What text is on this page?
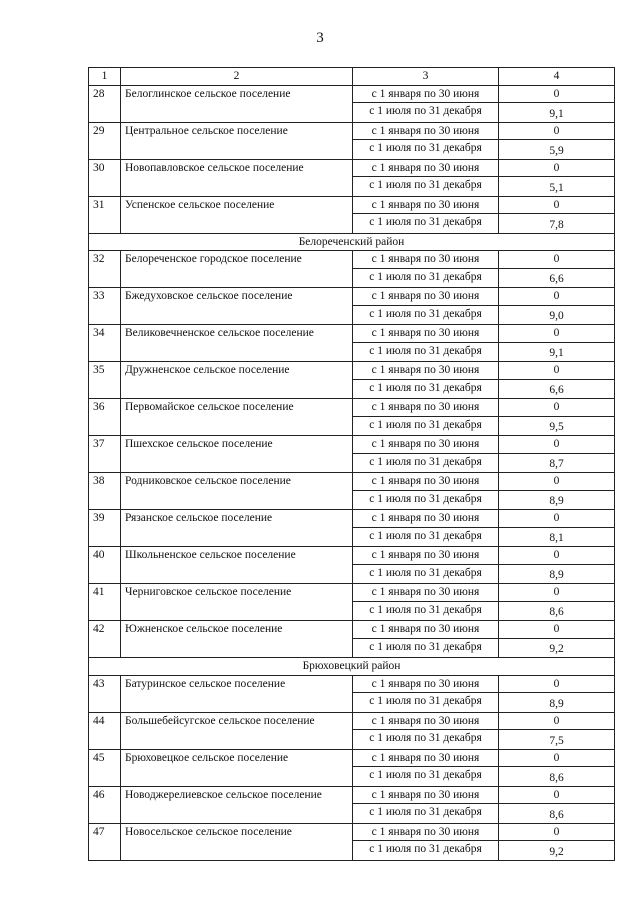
3
1	2	3	4
28	Белоглинское сельское поселение	с 1 января по 30 июня	0
		с 1 июля по 31 декабря	9,1
29	Центральное сельское поселение	с 1 января по 30 июня	0
		с 1 июля по 31 декабря	5,9
30	Новопавловское сельское поселение	с 1 января по 30 июня	0
		с 1 июля по 31 декабря	5,1
31	Успенское сельское поселение	с 1 января по 30 июня	0
		с 1 июля по 31 декабря	7,8
Белореченский район			
32	Белореченское городское поселение	с 1 января по 30 июня	0
		с 1 июля по 31 декабря	6,6
33	Бжедуховское сельское поселение	с 1 января по 30 июня	0
		с 1 июля по 31 декабря	9,0
34	Великовечненское сельское поселение	с 1 января по 30 июня	0
		с 1 июля по 31 декабря	9,1
35	Дружненское сельское поселение	с 1 января по 30 июня	0
		с 1 июля по 31 декабря	6,6
36	Первомайское сельское поселение	с 1 января по 30 июня	0
		с 1 июля по 31 декабря	9,5
37	Пшехское сельское поселение	с 1 января по 30 июня	0
		с 1 июля по 31 декабря	8,7
38	Родниковское сельское поселение	с 1 января по 30 июня	0
		с 1 июля по 31 декабря	8,9
39	Рязанское сельское поселение	с 1 января по 30 июня	0
		с 1 июля по 31 декабря	8,1
40	Школьненское сельское поселение	с 1 января по 30 июня	0
		с 1 июля по 31 декабря	8,9
41	Черниговское сельское поселение	с 1 января по 30 июня	0
		с 1 июля по 31 декабря	8,6
42	Южненское сельское поселение	с 1 января по 30 июня	0
		с 1 июля по 31 декабря	9,2
Брюховецкий район			
43	Батуринское сельское поселение	с 1 января по 30 июня	0
		с 1 июля по 31 декабря	8,9
44	Большебейсугское сельское поселение	с 1 января по 30 июня	0
		с 1 июля по 31 декабря	7,5
45	Брюховецкое сельское поселение	с 1 января по 30 июня	0
		с 1 июля по 31 декабря	8,6
46	Новоджерелиевское сельское поселение	с 1 января по 30 июня	0
		с 1 июля по 31 декабря	8,6
47	Новосельское сельское поселение	с 1 января по 30 июня	0
		с 1 июля по 31 декабря	9,2
